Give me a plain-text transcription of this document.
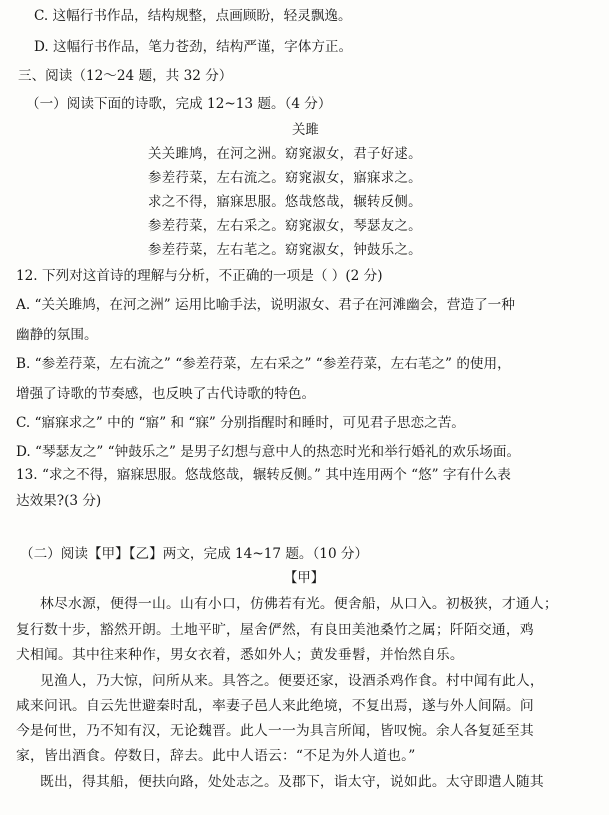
C. 这幅行书作品，结构规整，点画顾盼，轻灵飘逸。
D. 这幅行书作品，笔力苍劲，结构严谨，字体方正。
三、阅读（12～24 题，共 32 分）
（一）阅读下面的诗歌，完成 12~13 题。（4 分）
关雎
关关雎鸠，在河之洲。窈窕淑女，君子好逑。
参差荇菜，左右流之。窈窕淑女，寤寐求之。
求之不得，寤寐思服。悠哉悠哉，辗转反侧。
参差荇菜，左右采之。窈窕淑女，琴瑟友之。
参差荇菜，左右芼之。窈窕淑女，钟鼓乐之。
12. 下列对这首诗的理解与分析，不正确的一项是（ ）(2 分)
A. “关关雎鸠，在河之洲” 运用比喻手法，说明淑女、君子在河滩幽会，营造了一种
幽静的氛围。
B. “参差荇菜，左右流之” “参差荇菜，左右采之” “参差荇菜，左右芼之” 的使用，
增强了诗歌的节奏感，也反映了古代诗歌的特色。
C. “寤寐求之” 中的 “寤” 和 “寐” 分别指醒时和睡时，可见君子思恋之苦。
D. “琴瑟友之” “钟鼓乐之” 是男子幻想与意中人的热恋时光和举行婚礼的欢乐场面。
13. “求之不得，寤寐思服。悠哉悠哉，辗转反侧。” 其中连用两个 “悠” 字有什么表
达效果?(3 分)
（二）阅读【甲】【乙】两文，完成 14~17 题。（10 分）
【甲】
林尽水源，便得一山。山有小口，仿佛若有光。便舍船，从口入。初极狭，才通人；
复行数十步，豁然开朗。土地平旷，屋舍俨然，有良田美池桑竹之属；阡陌交通，鸡
犬相闻。其中往来种作，男女衣着，悉如外人；黄发垂髫，并怡然自乐。
见渔人，乃大惊，问所从来。具答之。便要还家，设酒杀鸡作食。村中闻有此人，
咸来问讯。自云先世避秦时乱，率妻子邑人来此绝境，不复出焉，遂与外人间隔。问
今是何世，乃不知有汉，无论魏晋。此人一一为具言所闻，皆叹惋。余人各复延至其
家，皆出酒食。停数日，辞去。此中人语云：“不足为外人道也。”
既出，得其船，便扶向路，处处志之。及郡下，诣太守，说如此。太守即遣人随其
